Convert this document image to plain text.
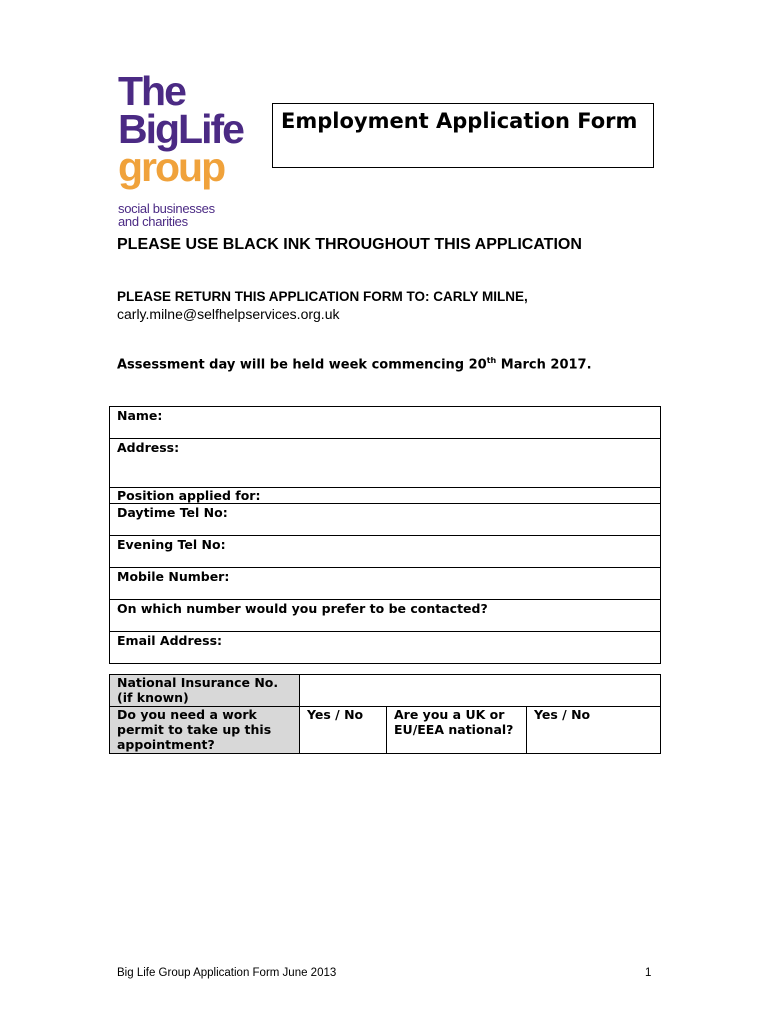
The
BigLife
group
social businesses
and charities
Employment Application Form
PLEASE USE BLACK INK THROUGHOUT THIS APPLICATION
PLEASE RETURN THIS APPLICATION FORM TO: CARLY MILNE,
carly.milne@selfhelpservices.org.uk
Assessment day will be held week commencing 20th March 2017.
Name:

Address:

Position applied for:

Daytime Tel No:

Evening Tel No:

Mobile Number:

On which number would you prefer to be contacted?

Email Address:
National Insurance No. (if known)			
Do you need a work permit to take up this appointment?	Yes / No	Are you a UK or EU/EEA national?	Yes / No
Big Life Group Application Form June 2013	1
